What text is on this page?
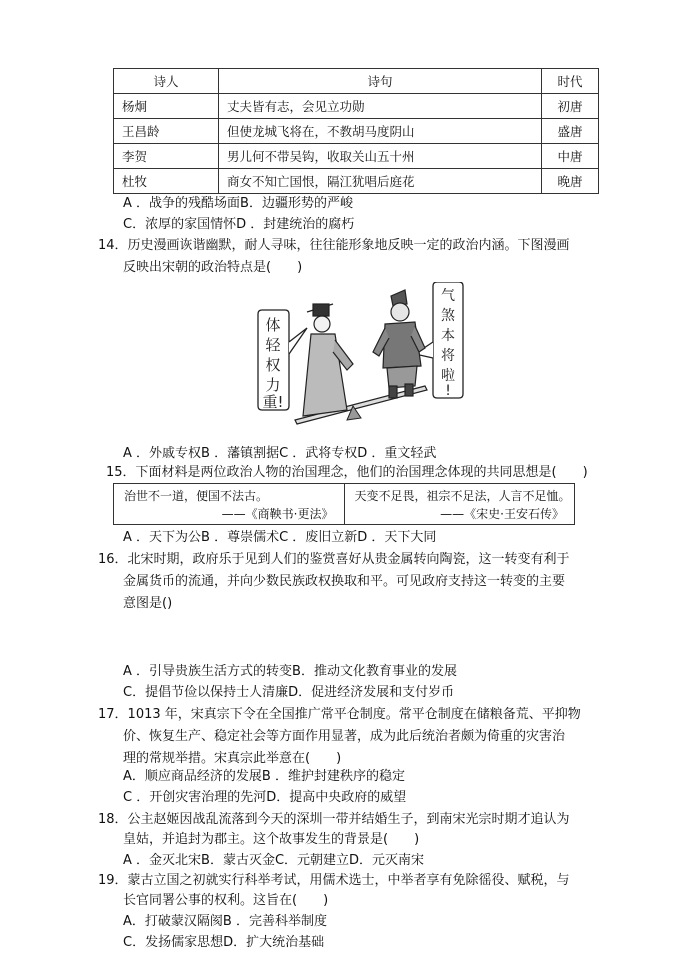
诗人	诗句	时代
杨炯	丈夫皆有志，会见立功勋	初唐
王昌龄	但使龙城飞将在，不教胡马度阴山	盛唐
李贺	男儿何不带吴钩，收取关山五十州	中唐
杜牧	商女不知亡国恨，隔江犹唱后庭花	晚唐
A ．战争的残酷场面B．边疆形势的严峻
C．浓厚的家国情怀D ．封建统治的腐朽
14．历史漫画诙谐幽默，耐人寻味，往往能形象地反映一定的政治内涵。下图漫画
反映出宋朝的政治特点是(　　)
体
轻
权
力
重!
气
煞
本
将
啦
!
A ．外戚专权B ．藩镇割据C ．武将专权D ．重文轻武
15．下面材料是两位政治人物的治国理念，他们的治国理念体现的共同思想是(　　)
治世不一道，便国不法古。
——《商鞅书·更法》
天变不足畏，祖宗不足法，人言不足恤。
——《宋史·王安石传》
A ．天下为公B ．尊崇儒术C ．废旧立新D ．天下大同
16．北宋时期，政府乐于见到人们的鉴赏喜好从贵金属转向陶瓷，这一转变有利于
金属货币的流通，并向少数民族政权换取和平。可见政府支持这一转变的主要
意图是()
A ．引导贵族生活方式的转变B．推动文化教育事业的发展
C．提倡节俭以保持士人清廉D．促进经济发展和支付岁币
17．1013 年，宋真宗下令在全国推广常平仓制度。常平仓制度在储粮备荒、平抑物
价、恢复生产、稳定社会等方面作用显著，成为此后统治者颇为倚重的灾害治
理的常规举措。宋真宗此举意在(　　)
A．顺应商品经济的发展B ．维护封建秩序的稳定
C ．开创灾害治理的先河D．提高中央政府的威望
18．公主赵姬因战乱流落到今天的深圳一带并结婚生子，到南宋光宗时期才追认为
皇姑，并追封为郡主。这个故事发生的背景是(　　)
A ．金灭北宋B．蒙古灭金C．元朝建立D．元灭南宋
19．蒙古立国之初就实行科举考试，用儒术选士，中举者享有免除徭役、赋税，与
长官同署公事的权利。这旨在(　　)
A．打破蒙汉隔阂B ．完善科举制度
C．发扬儒家思想D．扩大统治基础
